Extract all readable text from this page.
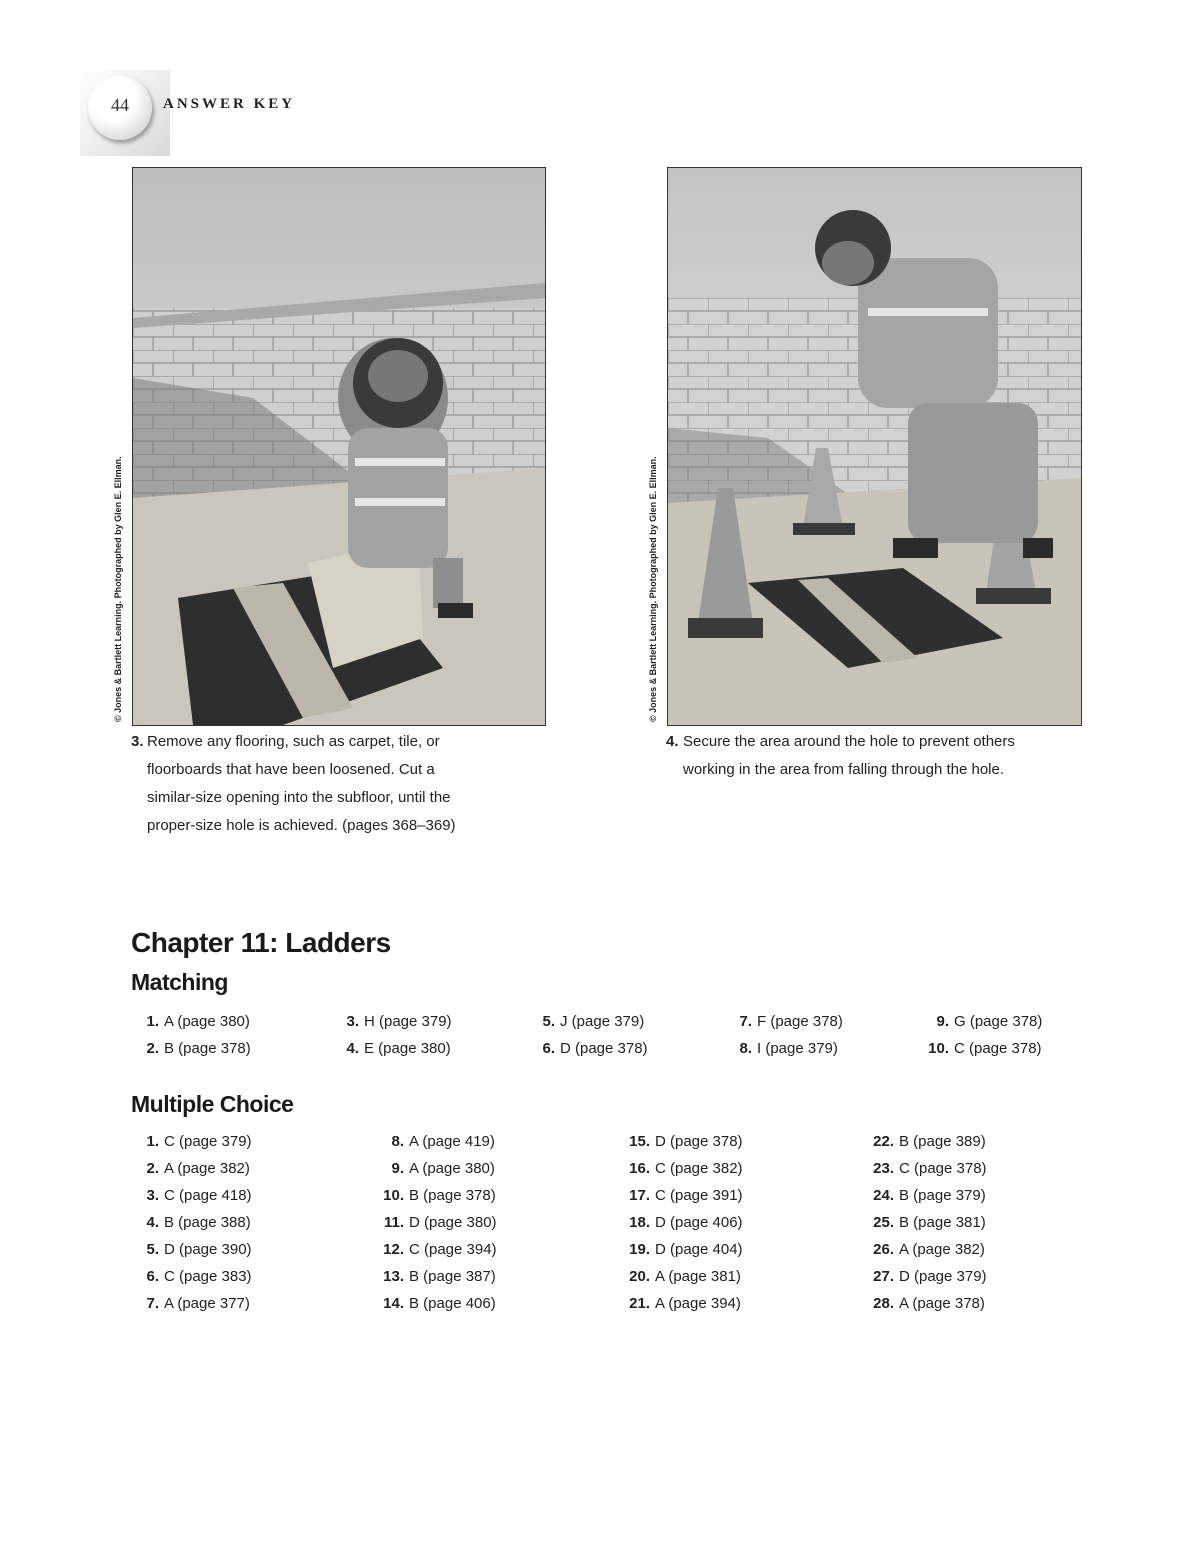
44 ANSWER KEY
© Jones & Bartlett Learning. Photographed by Glen E. Ellman.	© Jones & Bartlett Learning. Photographed by Glen E. Ellman.
3. Remove any flooring, such as carpet, tile, or
floorboards that have been loosened. Cut a
similar-size opening into the subfloor, until the
proper-size hole is achieved. (pages 368–369)
4. Secure the area around the hole to prevent others
working in the area from falling through the hole.
Chapter 11: Ladders
Matching
1. A (page 380)
2. B (page 378)
3. H (page 379)
4. E (page 380)
5. J (page 379)
6. D (page 378)
7. F (page 378)
8. I (page 379)
9. G (page 378)
10. C (page 378)
Multiple Choice
1. C (page 379)
2. A (page 382)
3. C (page 418)
4. B (page 388)
5. D (page 390)
6. C (page 383)
7. A (page 377)
8. A (page 419)
9. A (page 380)
10. B (page 378)
11. D (page 380)
12. C (page 394)
13. B (page 387)
14. B (page 406)
15. D (page 378)
16. C (page 382)
17. C (page 391)
18. D (page 406)
19. D (page 404)
20. A (page 381)
21. A (page 394)
22. B (page 389)
23. C (page 378)
24. B (page 379)
25. B (page 381)
26. A (page 382)
27. D (page 379)
28. A (page 378)
